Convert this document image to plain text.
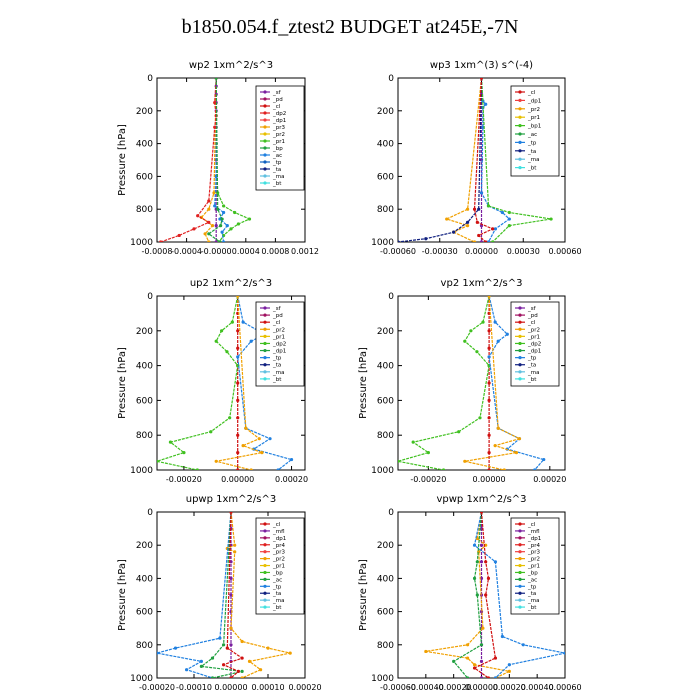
b1850.054.f_ztest2 BUDGET at245E,-7N
wp2 1xm^2/s^3
0
200
400
600
800
1000
-0.0008
-0.0004
-0.0000 0.0004 0.0008 0.0012
Pressure [hPa]
_sf
_pd
_cl
_dp2
_dp1
_pr3
_pr2
_pr1
_bp
_ac
_tp
_ta
_ma
_bt
wp3 1xm^(3) s^(-4)
0
200
400
600
800
1000
-0.00060 -0.00030 0.00000 0.00030 0.00060
_cl
_dp1
_pr2
_pr1
_bp1
_ac
_tp
_ta
_ma
_bt
up2 1xm^2/s^3
0
200
400
600
800
1000
-0.00020 0.00000	0.00020
Pressure [hPa]
_sf
_pd
_cl
_pr2
_pr1
_dp2
_dp1
_tp
_ta
_ma
_bt
vp2 1xm^2/s^3
0
200
400
600
800
1000
-0.00020	0.00000	0.00020
Pressure [hPa]
_sf
_pd
_cl
_pr2
_pr1
_dp2
_dp1
_tp
_ta
_ma
_bt
upwp 1xm^2/s^3
0
200
400
600
800
1000
-0.00020 -0.00010 0.00000 0.00010 0.00020
Pressure [hPa]
_cl
_mfl
_dp1
_pr4
_pr3
_pr2
_pr1
_bp
_ac
_tp
_ta
_ma
_bt
vpwp 1xm^2/s^3
0
200
400
600
800
1000
-0.00060
-0.00040
-0.00020
0.00000
0.00020
0.00040
0.00060
Pressure [hPa]
_cl
_mfl
_dp1
_pr4
_pr3
_pr2
_pr1
_bp
_ac
_tp
_ta
_ma
_bt
